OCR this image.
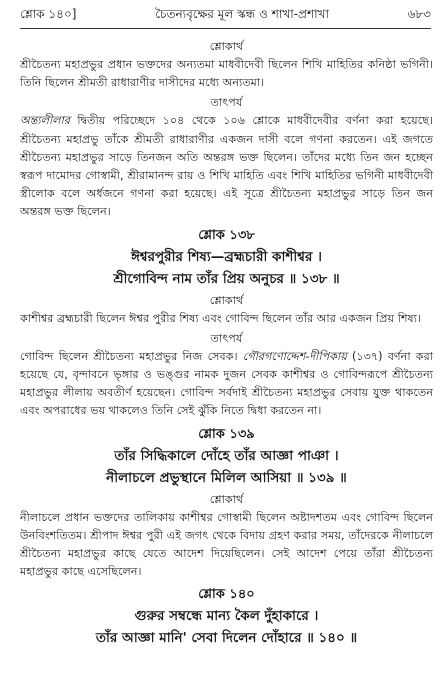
শ্লোক ১৪০]	চৈতন্যবৃক্ষের মূল স্কন্ধ ও শাখা-প্রশাখা	৬৮৩
শ্লোকার্থ

শ্রীচৈতন্য মহাপ্রভুর প্রধান ভক্তদের অন্যতমা মাধবীদেবী ছিলেন শিখি মাহিতির কনিষ্ঠা ভগিনী। তিনি ছিলেন শ্রীমতী রাধারাণীর দাসীদের মধ্যে অন্যতমা।

তাৎপর্য

অন্ত্যলীলার দ্বিতীয় পরিচ্ছেদে ১০৪ থেকে ১০৬ শ্লোকে মাধবীদেবীর বর্ণনা করা হয়েছে। শ্রীচৈতন্য মহাপ্রভু তাঁকে শ্রীমতী রাধারাণীর একজন দাসী বলে গণনা করতেন। এই জগতে শ্রীচৈতন্য মহাপ্রভুর সাড়ে তিনজন অতি অন্তরঙ্গ ভক্ত ছিলেন। তাঁদের মধ্যে তিন জন হচ্ছেন স্বরূপ দামোদর গোস্বামী, শ্রীরামানন্দ রায় ও শিখি মাহিতি এবং শিখি মাহিতির ভগিনী মাধবীদেবী স্ত্রীলোক বলে অর্ধজনে গণনা করা হয়েছে। এই সূত্রে শ্রীচৈতন্য মহাপ্রভুর সাড়ে তিন জন অন্তরঙ্গ ভক্ত ছিলেন।

শ্লোক ১৩৮
ঈশ্বরপুরীর শিষ্য—ব্রহ্মচারী কাশীশ্বর ।
শ্রীগোবিন্দ নাম তাঁর প্রিয় অনুচর ॥ ১৩৮ ॥
শ্লোকার্থ

কাশীশ্বর ব্রহ্মচারী ছিলেন ঈশ্বর পুরীর শিষ্য এবং গোবিন্দ ছিলেন তাঁর আর একজন প্রিয় শিষ্য।

তাৎপর্য

গোবিন্দ ছিলেন শ্রীচৈতন্য মহাপ্রভুর নিজ সেবক। গৌরগণোদ্দেশ-দীপিকায় (১৩৭) বর্ণনা করা হয়েছে যে, বৃন্দাবনে ভৃঙ্গার ও ভঙ্গুর নামক দুজন সেবক কাশীশ্বর ও গোবিন্দরূপে শ্রীচৈতন্য মহাপ্রভুর লীলায় অবতীর্ণ হয়েছেন। গোবিন্দ সর্বদাই শ্রীচৈতন্য মহাপ্রভুর সেবায় যুক্ত থাকতেন এবং অপরাধের ভয় থাকলেও তিনি সেই ঝুঁকি নিতে দ্বিধা করতেন না।

শ্লোক ১৩৯
তাঁর সিদ্ধিকালে দোঁহে তাঁর আজ্ঞা পাঞা ।
নীলাচলে প্রভুস্থানে মিলিল আসিয়া ॥ ১৩৯ ॥
শ্লোকার্থ

নীলাচলে প্রধান ভক্তদের তালিকায় কাশীশ্বর গোস্বামী ছিলেন অষ্টাদশতম এবং গোবিন্দ ছিলেন উনবিংশতিতম। শ্রীপাদ ঈশ্বর পুরী এই জগৎ থেকে বিদায় গ্রহণ করার সময়, তাঁদেরকে নীলাচলে শ্রীচৈতন্য মহাপ্রভুর কাছে যেতে আদেশ দিয়েছিলেন। সেই আদেশ পেয়ে তাঁরা শ্রীচৈতন্য মহাপ্রভুর কাছে এসেছিলেন।

শ্লোক ১৪০
গুরুর সম্বন্ধে মান্য কৈল দুঁহাকারে ।
তাঁর আজ্ঞা মানি' সেবা দিলেন দোঁহারে ॥ ১৪০ ॥
